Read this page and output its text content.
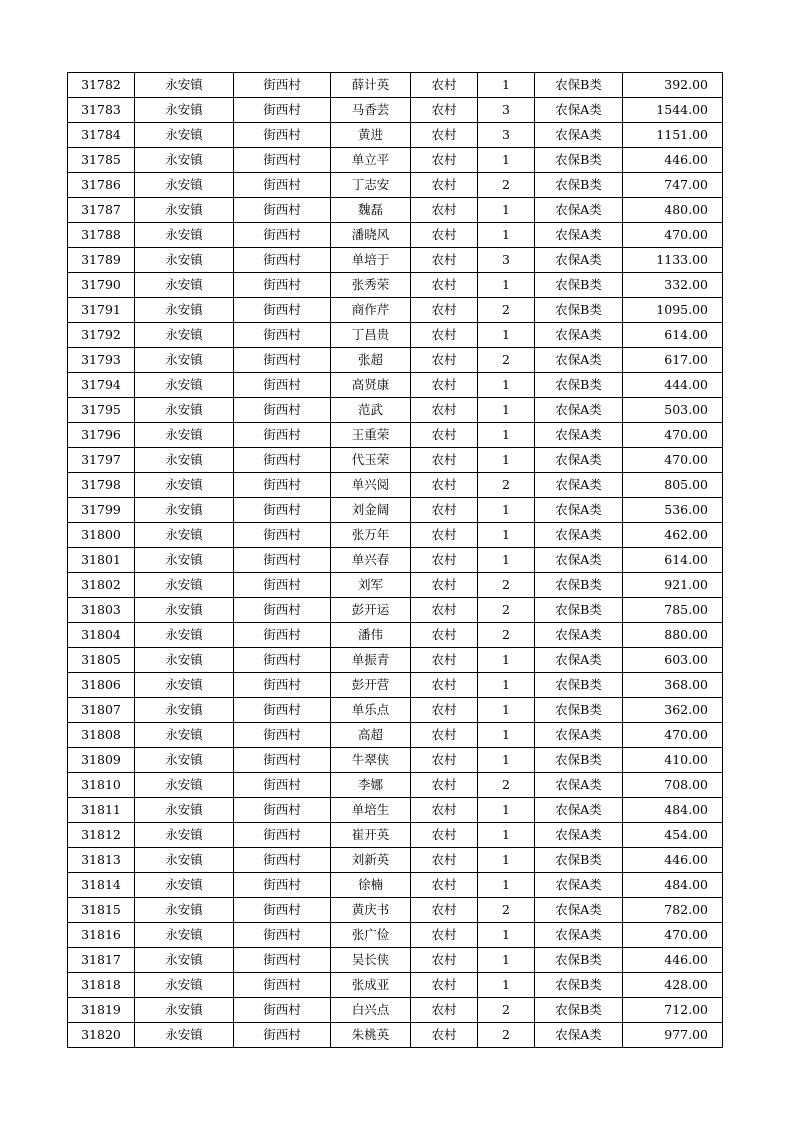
31782	永安镇	街西村	薛计英	农村	1	农保B类	392.00
31783	永安镇	街西村	马香芸	农村	3	农保A类	1544.00
31784	永安镇	街西村	黄进	农村	3	农保A类	1151.00
31785	永安镇	街西村	单立平	农村	1	农保B类	446.00
31786	永安镇	街西村	丁志安	农村	2	农保B类	747.00
31787	永安镇	街西村	魏磊	农村	1	农保A类	480.00
31788	永安镇	街西村	潘晓风	农村	1	农保A类	470.00
31789	永安镇	街西村	单培于	农村	3	农保A类	1133.00
31790	永安镇	街西村	张秀荣	农村	1	农保B类	332.00
31791	永安镇	街西村	商作芹	农村	2	农保B类	1095.00
31792	永安镇	街西村	丁昌贵	农村	1	农保A类	614.00
31793	永安镇	街西村	张超	农村	2	农保A类	617.00
31794	永安镇	街西村	高贤康	农村	1	农保B类	444.00
31795	永安镇	街西村	范武	农村	1	农保A类	503.00
31796	永安镇	街西村	王重荣	农村	1	农保A类	470.00
31797	永安镇	街西村	代玉荣	农村	1	农保A类	470.00
31798	永安镇	街西村	单兴阅	农村	2	农保A类	805.00
31799	永安镇	街西村	刘金阔	农村	1	农保A类	536.00
31800	永安镇	街西村	张万年	农村	1	农保A类	462.00
31801	永安镇	街西村	单兴春	农村	1	农保A类	614.00
31802	永安镇	街西村	刘军	农村	2	农保B类	921.00
31803	永安镇	街西村	彭开运	农村	2	农保B类	785.00
31804	永安镇	街西村	潘伟	农村	2	农保A类	880.00
31805	永安镇	街西村	单振青	农村	1	农保A类	603.00
31806	永安镇	街西村	彭开营	农村	1	农保B类	368.00
31807	永安镇	街西村	单乐点	农村	1	农保B类	362.00
31808	永安镇	街西村	高超	农村	1	农保A类	470.00
31809	永安镇	街西村	牛翠侠	农村	1	农保B类	410.00
31810	永安镇	街西村	李娜	农村	2	农保A类	708.00
31811	永安镇	街西村	单培生	农村	1	农保A类	484.00
31812	永安镇	街西村	崔开英	农村	1	农保A类	454.00
31813	永安镇	街西村	刘新英	农村	1	农保B类	446.00
31814	永安镇	街西村	徐楠	农村	1	农保A类	484.00
31815	永安镇	街西村	黄庆书	农村	2	农保A类	782.00
31816	永安镇	街西村	张广俭	农村	1	农保A类	470.00
31817	永安镇	街西村	吴长侠	农村	1	农保B类	446.00
31818	永安镇	街西村	张成亚	农村	1	农保B类	428.00
31819	永安镇	街西村	白兴点	农村	2	农保B类	712.00
31820	永安镇	街西村	朱桃英	农村	2	农保A类	977.00
